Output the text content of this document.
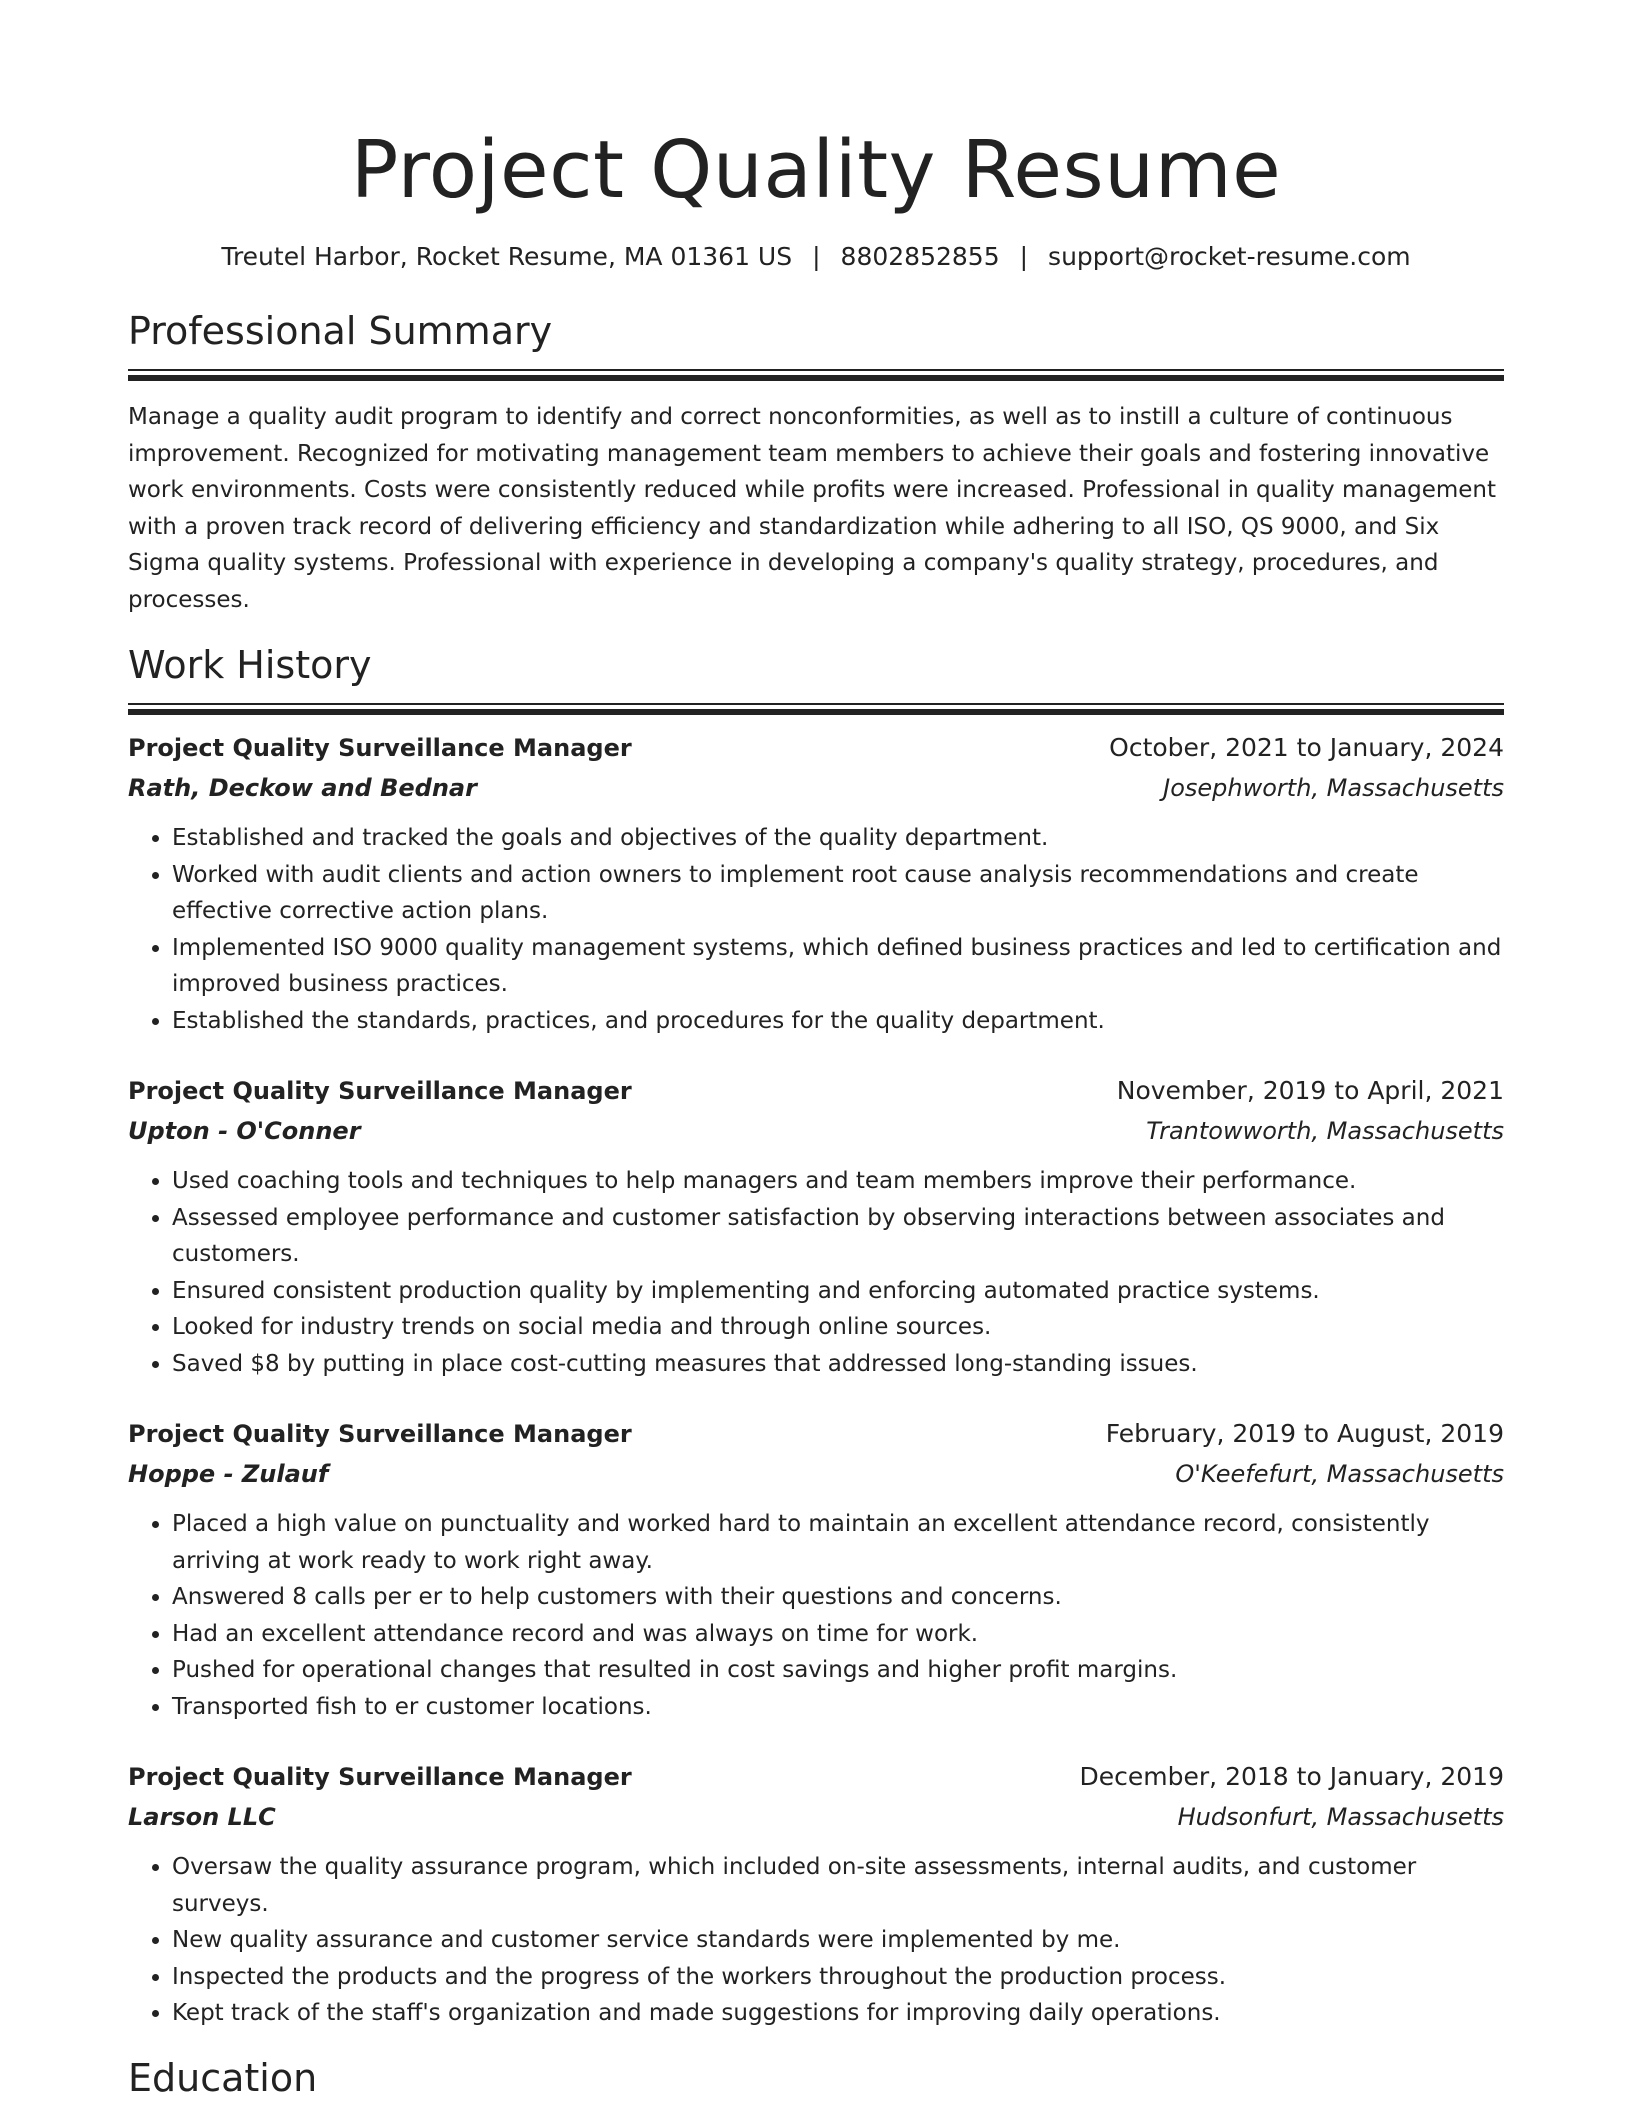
Project Quality Resume
Treutel Harbor, Rocket Resume, MA 01361 US | 8802852855 | support@rocket-resume.com
Professional Summary

Manage a quality audit program to identify and correct nonconformities, as well as to instill a culture of continuous improvement. Recognized for motivating management team members to achieve their goals and fostering innovative work environments. Costs were consistently reduced while profits were increased. Professional in quality management with a proven track record of delivering efficiency and standardization while adhering to all ISO, QS 9000, and Six Sigma quality systems. Professional with experience in developing a company's quality strategy, procedures, and processes.

Work History
Project Quality Surveillance Manager	October, 2021 to January, 2024
Rath, Deckow and Bednar	Josephworth, Massachusetts
• Established and tracked the goals and objectives of the quality department.
• Worked with audit clients and action owners to implement root cause analysis recommendations and create effective corrective action plans.
• Implemented ISO 9000 quality management systems, which defined business practices and led to certification and improved business practices.
• Established the standards, practices, and procedures for the quality department.
Project Quality Surveillance Manager	November, 2019 to April, 2021
Upton - O'Conner	Trantowworth, Massachusetts
• Used coaching tools and techniques to help managers and team members improve their performance.
• Assessed employee performance and customer satisfaction by observing interactions between associates and customers.
• Ensured consistent production quality by implementing and enforcing automated practice systems.
• Looked for industry trends on social media and through online sources.
• Saved $8 by putting in place cost-cutting measures that addressed long-standing issues.
Project Quality Surveillance Manager	February, 2019 to August, 2019
Hoppe - Zulauf	O'Keefefurt, Massachusetts
• Placed a high value on punctuality and worked hard to maintain an excellent attendance record, consistently arriving at work ready to work right away.
• Answered 8 calls per er to help customers with their questions and concerns.
• Had an excellent attendance record and was always on time for work.
• Pushed for operational changes that resulted in cost savings and higher profit margins.
• Transported fish to er customer locations.
Project Quality Surveillance Manager	December, 2018 to January, 2019
Larson LLC	Hudsonfurt, Massachusetts
• Oversaw the quality assurance program, which included on-site assessments, internal audits, and customer surveys.
• New quality assurance and customer service standards were implemented by me.
• Inspected the products and the progress of the workers throughout the production process.
• Kept track of the staff's organization and made suggestions for improving daily operations.
Education
